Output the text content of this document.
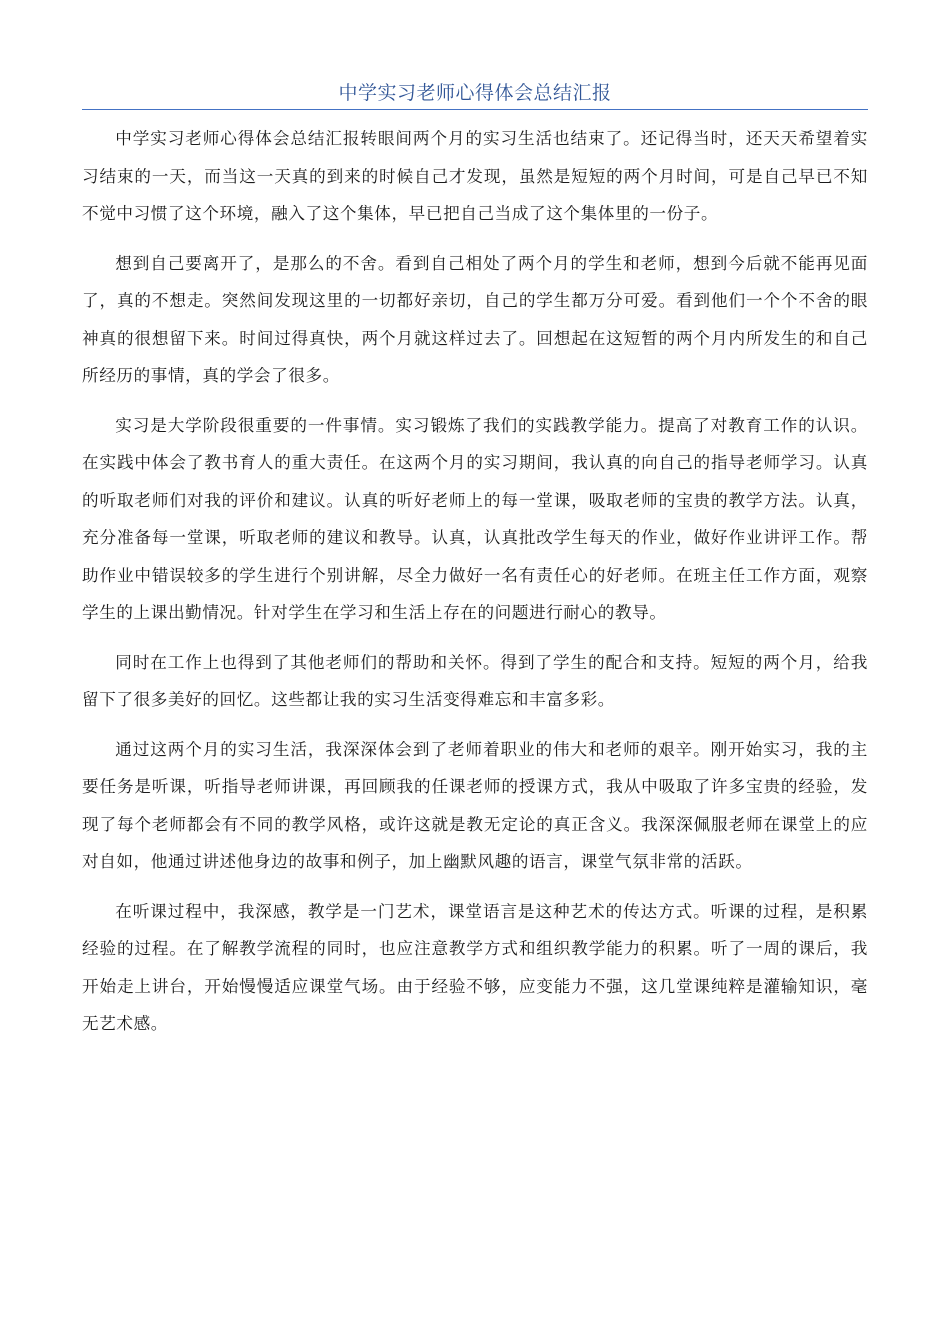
中学实习老师心得体会总结汇报

中学实习老师心得体会总结汇报转眼间两个月的实习生活也结束了。还记得当时，还天天希望着实习结束的一天，而当这一天真的到来的时候自己才发现，虽然是短短的两个月时间，可是自己早已不知不觉中习惯了这个环境，融入了这个集体，早已把自己当成了这个集体里的一份子。

想到自己要离开了，是那么的不舍。看到自己相处了两个月的学生和老师，想到今后就不能再见面了，真的不想走。突然间发现这里的一切都好亲切，自己的学生都万分可爱。看到他们一个个不舍的眼神真的很想留下来。时间过得真快，两个月就这样过去了。回想起在这短暂的两个月内所发生的和自己所经历的事情，真的学会了很多。

实习是大学阶段很重要的一件事情。实习锻炼了我们的实践教学能力。提高了对教育工作的认识。在实践中体会了教书育人的重大责任。在这两个月的实习期间，我认真的向自己的指导老师学习。认真的听取老师们对我的评价和建议。认真的听好老师上的每一堂课，吸取老师的宝贵的教学方法。认真，充分准备每一堂课，听取老师的建议和教导。认真，认真批改学生每天的作业，做好作业讲评工作。帮助作业中错误较多的学生进行个别讲解，尽全力做好一名有责任心的好老师。在班主任工作方面，观察学生的上课出勤情况。针对学生在学习和生活上存在的问题进行耐心的教导。

同时在工作上也得到了其他老师们的帮助和关怀。得到了学生的配合和支持。短短的两个月，给我留下了很多美好的回忆。这些都让我的实习生活变得难忘和丰富多彩。

通过这两个月的实习生活，我深深体会到了老师着职业的伟大和老师的艰辛。刚开始实习，我的主要任务是听课，听指导老师讲课，再回顾我的任课老师的授课方式，我从中吸取了许多宝贵的经验，发现了每个老师都会有不同的教学风格，或许这就是教无定论的真正含义。我深深佩服老师在课堂上的应对自如，他通过讲述他身边的故事和例子，加上幽默风趣的语言，课堂气氛非常的活跃。

在听课过程中，我深感，教学是一门艺术，课堂语言是这种艺术的传达方式。听课的过程，是积累经验的过程。在了解教学流程的同时，也应注意教学方式和组织教学能力的积累。听了一周的课后，我开始走上讲台，开始慢慢适应课堂气场。由于经验不够，应变能力不强，这几堂课纯粹是灌输知识，毫无艺术感。
